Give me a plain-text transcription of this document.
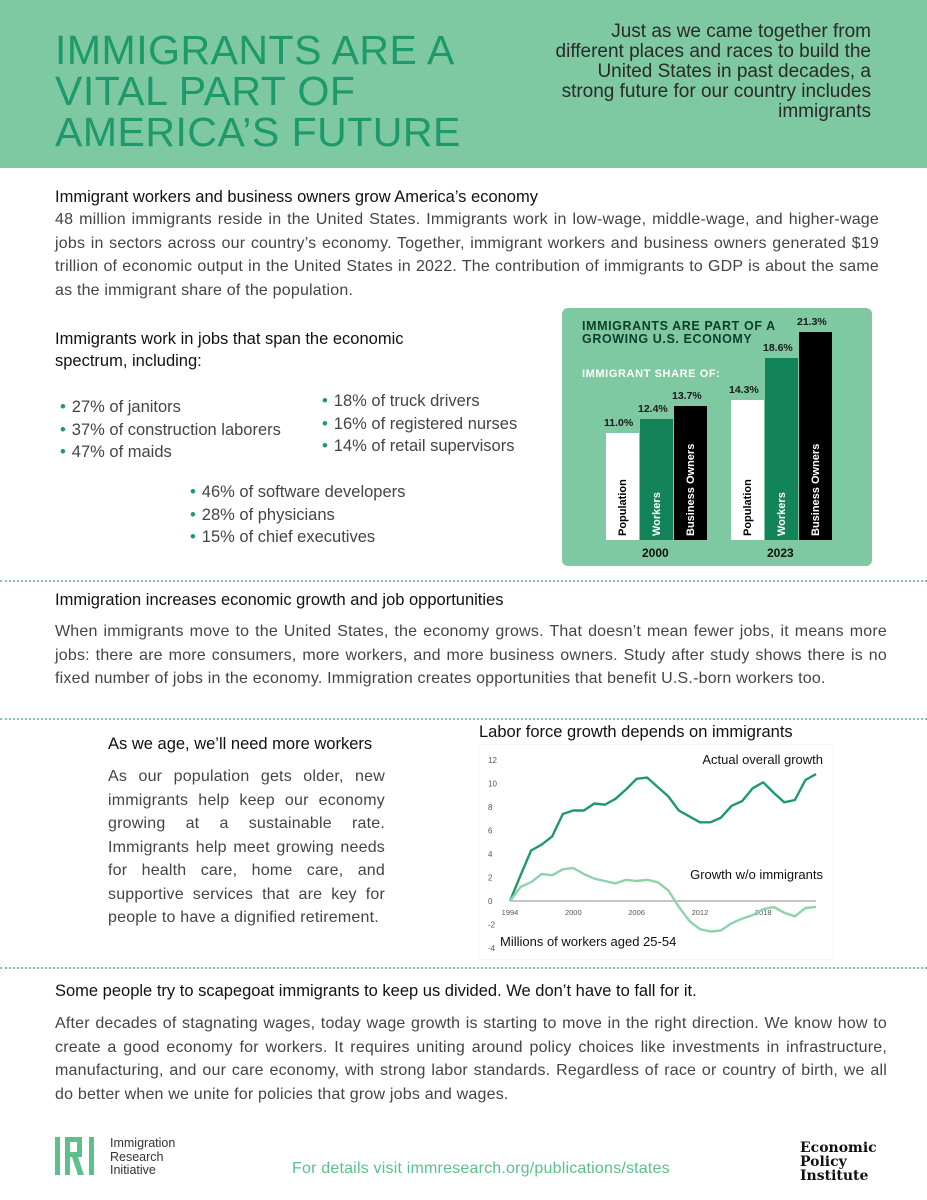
IMMIGRANTS ARE A
VITAL PART OF
AMERICA’S FUTURE
Just as we came together from different places and races to build the United States in past decades, a strong future for our country includes immigrants
Immigrant workers and business owners grow America’s economy
48 million immigrants reside in the United States. Immigrants work in low-wage, middle-wage, and higher-wage jobs in sectors across our country’s economy. Together, immigrant workers and business owners generated $19 trillion of economic output in the United States in 2022. The contribution of immigrants to GDP is about the same as the immigrant share of the population.
Immigrants work in jobs that span the economic spectrum, including:
• 27% of janitors
• 37% of construction laborers
• 47% of maids
• 18% of truck drivers
• 16% of registered nurses
• 14% of retail supervisors
• 46% of software developers
• 28% of physicians
• 15% of chief executives
IMMIGRANTS ARE PART OF A GROWING U.S. ECONOMY
IMMIGRANT SHARE OF:
Population
11.0%
Workers
12.4%
Business Owners
13.7%
2000
Population
14.3%
Workers
18.6%
Business Owners
21.3%
2023
Immigration increases economic growth and job opportunities
When immigrants move to the United States, the economy grows. That doesn’t mean fewer jobs, it means more jobs: there are more consumers, more workers, and more business owners. Study after study shows there is no fixed number of jobs in the economy. Immigration creates opportunities that benefit U.S.-born workers too.
As we age, we’ll need more workers
As our population gets older, new immigrants help keep our economy growing at a sustainable rate. Immigrants help meet growing needs for health care, home care, and supportive services that are key for people to have a dignified retirement.
Labor force growth depends on immigrants
12
10
8
6
4
2
0
-2
-4
1994	2000	2006	2012	2018
Actual overall growth
Growth w/o immigrants
Millions of workers aged 25-54
Some people try to scapegoat immigrants to keep us divided. We don’t have to fall for it.
After decades of stagnating wages, today wage growth is starting to move in the right direction. We know how to create a good economy for workers. It requires uniting around policy choices like investments in infrastructure, manufacturing, and our care economy, with strong labor standards. Regardless of race or country of birth, we all do better when we unite for policies that grow jobs and wages.
Immigration
Research
Initiative	For details visit immresearch.org/publications/states
Economic
Policy
Institute
